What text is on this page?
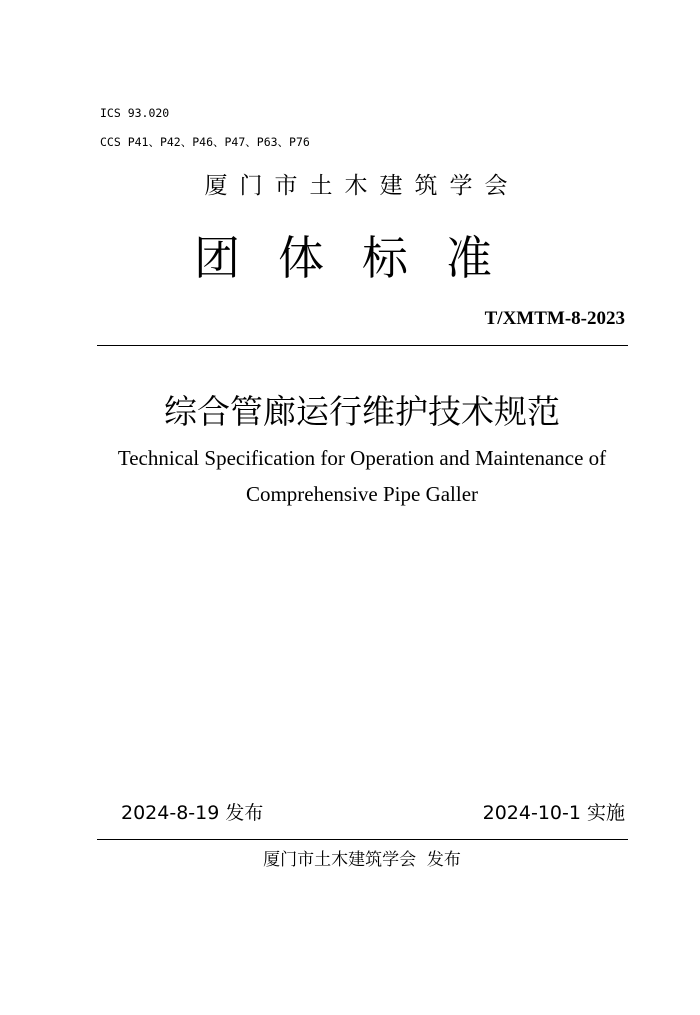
ICS 93.020
CCS P41、P42、P46、P47、P63、P76
厦门市土木建筑学会
团体标准
T/XMTM-8-2023
综合管廊运行维护技术规范
Technical Specification for Operation and Maintenance of
Comprehensive Pipe Galler
2024-8-19 发布	2024-10-1 实施
厦门市土木建筑学会  发布
